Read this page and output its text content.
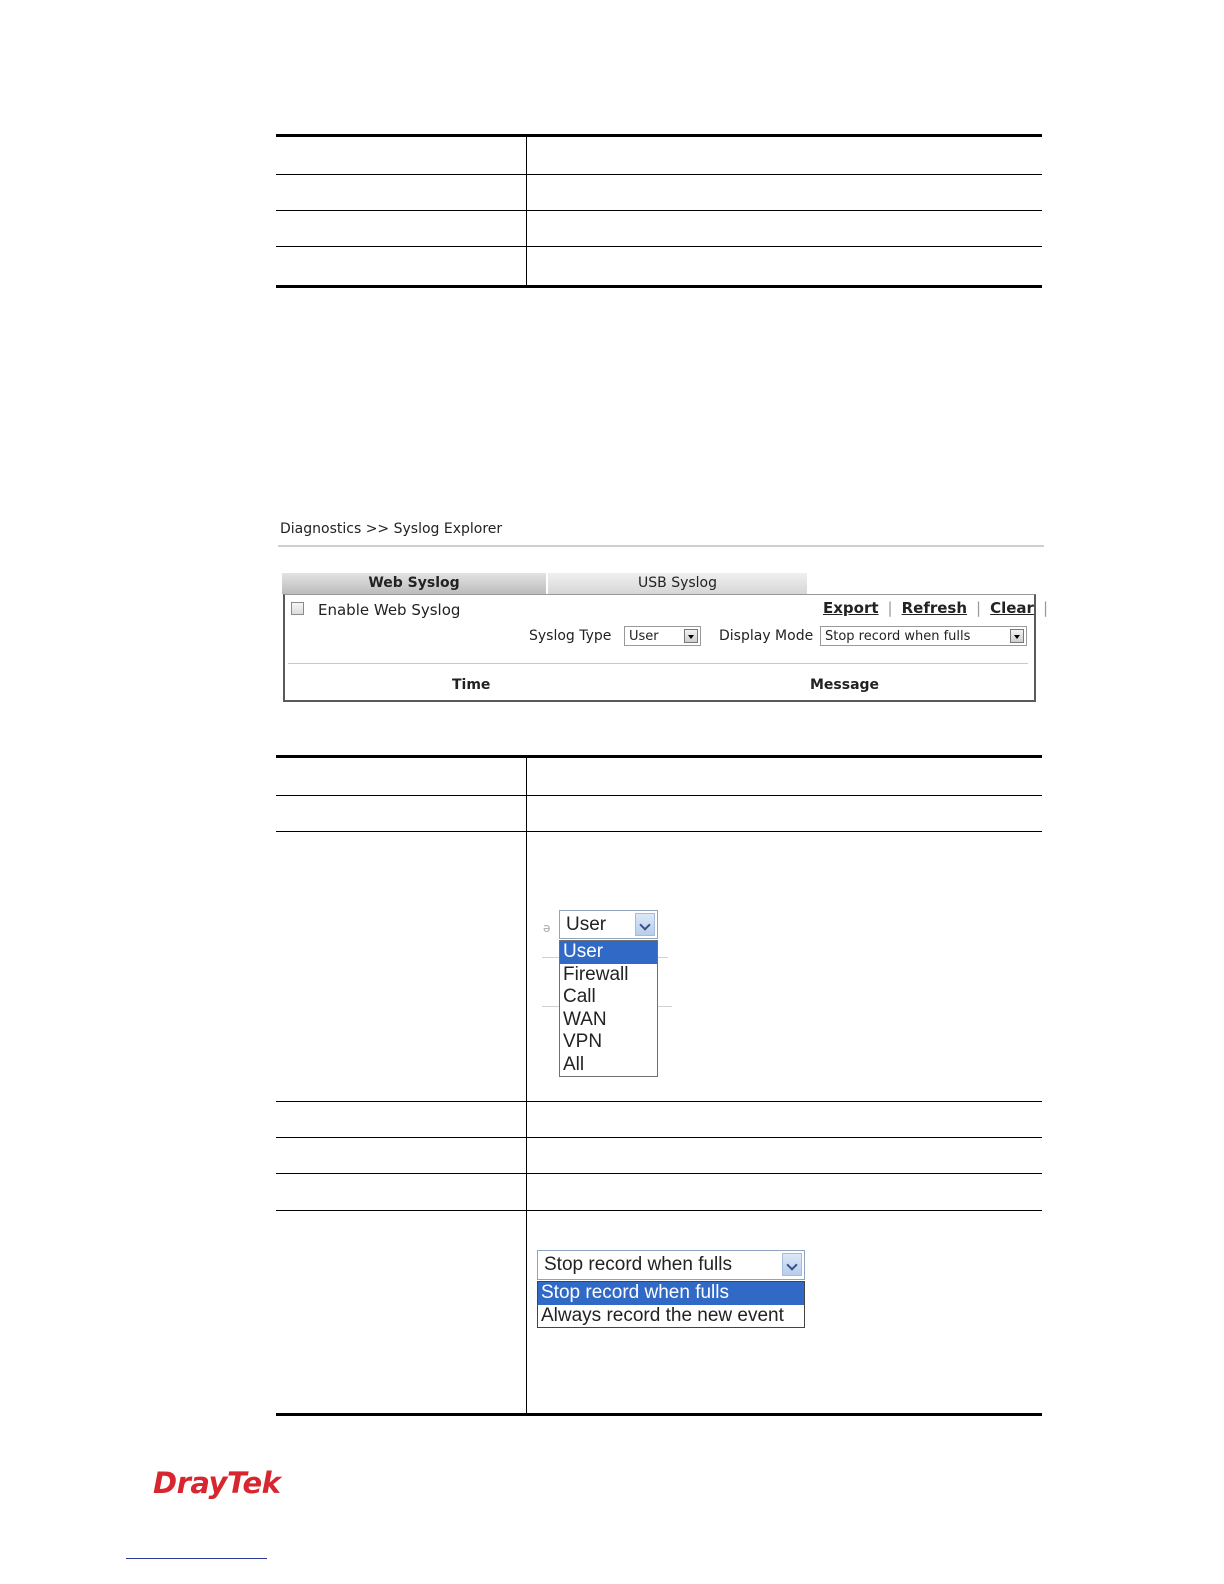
Diagnostics >> Syslog Explorer
Web Syslog	USB Syslog
Enable Web Syslog	Export | Refresh | Clear |
Syslog Type	User	Display Mode Stop record when fulls
Time	Message
ə User
User
Firewall
Call
WAN
VPN
All
Stop record when fulls
Stop record when fulls
Always record the new event
DrayTek
